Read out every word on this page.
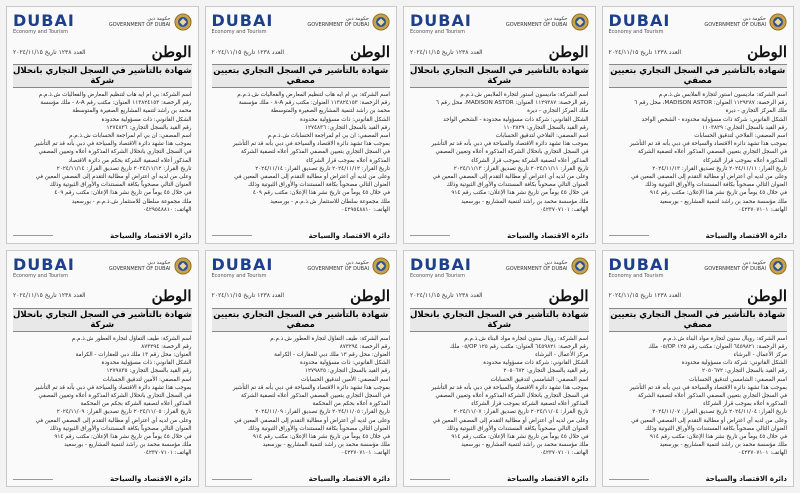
DUBAI
Economy and Tourism
حكومة دبي
GOVERNMENT OF DUBAI
العدد ١٢٣٨ تاريخ ٢٠٢٤/١١/١٥	الوطن
شهادة بالتأشير في السجل التجاري بانحلال شركة

اسم الشركة: بي ام ايه هاب لتنظيم المعارض والفعاليات ش.ذ.م.م

رقم الرخصة: ١١٣٨٢٤١٥٣ العنوان: مكتب رقم A-٨ - ملك مؤسسة

محمد بن راشد لتنمية المشاريع الصغيرة والمتوسطة

الشكل القانوني: ذات مسؤولية محدودة

رقم القيد بالسجل التجاري: ١٢٧٤٨٣٦

اسم المصفي: ان بي ام لمراجعة الحسابات ش.ذ.م.م

بموجب هذا تشهد دائرة الاقتصاد والسياحة في دبي بأنه قد تم التأشير

في السجل التجاري بانحلال الشركة المذكورة أعلاه وتعيين المصفي

المذكور أعلاه لتصفية الشركة بحكم من دائرة الاقتصاد

تاريخ القرار: ٢٠٢٤/١١/١٢ تاريخ تصديق القرار: ٢٠٢٤/١١/١٤

وعلى من لديه أي اعتراض أو مطالبة التقدم إلى المصفي المعين في

العنوان التالي مصحوباً بكافة المستندات والأوراق الثبوتية وذلك

في خلال ٤٥ يوماً من تاريخ نشر هذا الإعلان: مكتب رقم ٤٠٩

ملك مجموعة سلطان للاستثمار ش.ذ.م.م - بورسعيد

الهاتف: ٠٤٢٩٥٤٨٨١٠

دائرة الاقتصاد والسياحة
DUBAI
Economy and Tourism
حكومة دبي
GOVERNMENT OF DUBAI
العدد ١٢٣٨ تاريخ ٢٠٢٤/١١/١٥	الوطن
شهادة بالتأشير في السجل التجاري بتعيين مصفي

اسم الشركة: بي ام ايه هاب لتنظيم المعارض والفعاليات ش.ذ.م.م

رقم الرخصة: ١١٣٨٢٤١٥٣ العنوان: مكتب رقم A-٨ - ملك مؤسسة

محمد بن راشد لتنمية المشاريع الصغيرة والمتوسطة

الشكل القانوني: ذات مسؤولية محدودة

رقم القيد بالسجل التجاري: ١٢٧٤٨٣٦

اسم المصفي: ان بي ام لمراجعة الحسابات ش.ذ.م.م

بموجب هذا تشهد دائرة الاقتصاد والسياحة في دبي بأنه قد تم التأشير

في السجل التجاري بتعيين المصفي المذكور أعلاه لتصفية الشركة

المذكورة أعلاه بموجب قرار الشركاء

تاريخ القرار: ٢٠٢٤/١١/١٢ تاريخ تصديق القرار: ٢٠٢٤/١١/١٤

وعلى من لديه أي اعتراض أو مطالبة التقدم إلى المصفي المعين في

العنوان التالي مصحوباً بكافة المستندات والأوراق الثبوتية وذلك

في خلال ٤٥ يوماً من تاريخ نشر هذا الإعلان: مكتب رقم ٤٠٩

ملك مجموعة سلطان للاستثمار ش.ذ.م.م - بورسعيد

الهاتف: ٠٤٢٩٥٤٨٨١٠

دائرة الاقتصاد والسياحة
DUBAI
Economy and Tourism
حكومة دبي
GOVERNMENT OF DUBAI
العدد ١٢٣٨ تاريخ ٢٠٢٤/١١/١٥	الوطن
شهادة بالتأشير في السجل التجاري بانحلال شركة

اسم الشركة: ماديسون استور لتجارة الملابس ش.ذ.م.م

رقم الرخصة: ١١٢٩٣٨٧ العنوان: MADISON ASTOR، محل رقم ٦

ملك المركز التجاري - ديرة

الشكل القانوني: شركة ذات مسؤولية محدودة - الشخص الواحد

رقم القيد بالسجل التجاري: ١١٠٣٨٢٩

اسم المصفي: الفلاحي لتدقيق الحسابات

بموجب هذا تشهد دائرة الاقتصاد والسياحة في دبي بأنه قد تم التأشير

في السجل التجاري بانحلال الشركة المذكورة أعلاه وتعيين المصفي

المذكور أعلاه لتصفية الشركة بموجب قرار الشركاء

تاريخ القرار: ٢٠٢٤/١١/١١ تاريخ تصديق القرار: ٢٠٢٤/١١/١٣

وعلى من لديه أي اعتراض أو مطالبة التقدم إلى المصفي المعين في

العنوان التالي مصحوباً بكافة المستندات والأوراق الثبوتية وذلك

في خلال ٤٥ يوماً من تاريخ نشر هذا الإعلان: مكتب رقم ٩١٤

ملك مؤسسة محمد بن راشد لتنمية المشاريع - بورسعيد

الهاتف: ٠٤٢٣٧٠٧١٠١

دائرة الاقتصاد والسياحة
DUBAI
Economy and Tourism
حكومة دبي
GOVERNMENT OF DUBAI
العدد ١٢٣٨ تاريخ ٢٠٢٤/١١/١٥	الوطن
شهادة بالتأشير في السجل التجاري بتعيين مصفي

اسم الشركة: ماديسون استور لتجارة الملابس ش.ذ.م.م

رقم الرخصة: ١١٢٩٣٨٧ العنوان: MADISON ASTOR، محل رقم ٦

ملك المركز التجاري - ديرة

الشكل القانوني: شركة ذات مسؤولية محدودة - الشخص الواحد

رقم القيد بالسجل التجاري: ١١٠٣٨٢٩

اسم المصفي: الفلاحي لتدقيق الحسابات

بموجب هذا تشهد دائرة الاقتصاد والسياحة في دبي بأنه قد تم التأشير

في السجل التجاري بتعيين المصفي المذكور أعلاه لتصفية الشركة

المذكورة أعلاه بموجب قرار الشركاء

تاريخ القرار: ٢٠٢٤/١١/١١ تاريخ تصديق القرار: ٢٠٢٤/١١/١٣

وعلى من لديه أي اعتراض أو مطالبة التقدم إلى المصفي المعين في

العنوان التالي مصحوباً بكافة المستندات والأوراق الثبوتية وذلك

في خلال ٤٥ يوماً من تاريخ نشر هذا الإعلان: مكتب رقم ٩١٤

ملك مؤسسة محمد بن راشد لتنمية المشاريع - بورسعيد

الهاتف: ٠٤٢٣٧٠٧١٠١

دائرة الاقتصاد والسياحة
DUBAI
Economy and Tourism
حكومة دبي
GOVERNMENT OF DUBAI
العدد ١٢٣٨ تاريخ ٢٠٢٤/١١/١٥	الوطن
شهادة بالتأشير في السجل التجاري بانحلال شركة

اسم الشركة: طيف التفاؤل لتجارة العطور ش.ذ.م.م

رقم الرخصة: ٨٧٣٢٩٤

العنوان: محل رقم ١٣ ملك دبي للعقارات - الكرامة

الشكل القانوني: ذات مسؤولية محدودة

رقم القيد بالسجل التجاري: ١٢٧٩٨٣٥

اسم المصفي: الأمين لتدقيق الحسابات

بموجب هذا تشهد دائرة الاقتصاد والسياحة في دبي بأنه قد تم التأشير

في السجل التجاري بانحلال الشركة المذكورة أعلاه وتعيين المصفي

المذكور أعلاه لتصفية الشركة بحكم من المحكمة

تاريخ القرار: ٢٠٢٤/١١/٠٥ تاريخ تصديق القرار: ٢٠٢٤/١١/٠٩

وعلى من لديه أي اعتراض أو مطالبة التقدم إلى المصفي المعين في

العنوان التالي مصحوباً بكافة المستندات والأوراق الثبوتية وذلك

في خلال ٤٥ يوماً من تاريخ نشر هذا الإعلان: مكتب رقم ٩١٤

ملك مؤسسة محمد بن راشد لتنمية المشاريع - بورسعيد

الهاتف: ٠٤٢٣٧٠٧١٠١

دائرة الاقتصاد والسياحة
DUBAI
Economy and Tourism
حكومة دبي
GOVERNMENT OF DUBAI
العدد ١٢٣٨ تاريخ ٢٠٢٤/١١/١٥	الوطن
شهادة بالتأشير في السجل التجاري بتعيين مصفي

اسم الشركة: طيف التفاؤل لتجارة العطور ش.ذ.م.م

رقم الرخصة: ٨٧٣٢٩٤

العنوان: محل رقم ١٣ ملك دبي للعقارات - الكرامة

الشكل القانوني: ذات مسؤولية محدودة

رقم القيد بالسجل التجاري: ١٢٧٩٨٣٥

اسم المصفي: الأمين لتدقيق الحسابات

بموجب هذا تشهد دائرة الاقتصاد والسياحة في دبي بأنه قد تم التأشير

في السجل التجاري بتعيين المصفي المذكور أعلاه لتصفية الشركة

المذكورة أعلاه بحكم من المحكمة

تاريخ القرار: ٢٠٢٤/١١/٠٥ تاريخ تصديق القرار: ٢٠٢٤/١١/٠٩

وعلى من لديه أي اعتراض أو مطالبة التقدم إلى المصفي المعين في

العنوان التالي مصحوباً بكافة المستندات والأوراق الثبوتية وذلك

في خلال ٤٥ يوماً من تاريخ نشر هذا الإعلان: مكتب رقم ٩١٤

ملك مؤسسة محمد بن راشد لتنمية المشاريع - بورسعيد

الهاتف: ٠٤٢٣٧٠٧١٠١

دائرة الاقتصاد والسياحة
DUBAI
Economy and Tourism
حكومة دبي
GOVERNMENT OF DUBAI
العدد ١٢٣٨ تاريخ ٢٠٢٤/١١/١٥	الوطن
شهادة بالتأشير في السجل التجاري بانحلال شركة

اسم الشركة: رويال ستون لتجارة مواد البناء ش.ذ.م.م

رقم الرخصة: ٦٤٥٩٨٢١ العنوان: مكتب رقم ١٢٥ OP/٠٥ ملك

مركز الأعمال - البرشاء

الشكل القانوني: شركة ذات مسؤولية محدودة

رقم القيد بالسجل التجاري: ٢٠٥٠٦٧٢

اسم المصفي: الشامسي لتدقيق الحسابات

بموجب هذا تشهد دائرة الاقتصاد والسياحة في دبي بأنه قد تم التأشير

في السجل التجاري بانحلال الشركة المذكورة أعلاه وتعيين المصفي

المذكور أعلاه لتصفية الشركة بموجب قرار الشركاء

تاريخ القرار: ٢٠٢٤/١١/٠٤ تاريخ تصديق القرار: ٢٠٢٤/١١/٠٧

وعلى من لديه أي اعتراض أو مطالبة التقدم إلى المصفي المعين في

العنوان التالي مصحوباً بكافة المستندات والأوراق الثبوتية وذلك

في خلال ٤٥ يوماً من تاريخ نشر هذا الإعلان: مكتب رقم ٩١٤

ملك مؤسسة محمد بن راشد لتنمية المشاريع - بورسعيد

الهاتف: ٠٤٢٣٧٠٧١٠١

دائرة الاقتصاد والسياحة
DUBAI
Economy and Tourism
حكومة دبي
GOVERNMENT OF DUBAI
العدد ١٢٣٨ تاريخ ٢٠٢٤/١١/١٥	الوطن
شهادة بالتأشير في السجل التجاري بتعيين مصفي

اسم الشركة: رويال ستون لتجارة مواد البناء ش.ذ.م.م

رقم الرخصة: ٦٤٥٩٨٢١ العنوان: مكتب رقم ١٢٥ OP/٠٥ ملك

مركز الأعمال - البرشاء

الشكل القانوني: شركة ذات مسؤولية محدودة

رقم القيد بالسجل التجاري: ٢٠٥٠٦٧٢

اسم المصفي: الشامسي لتدقيق الحسابات

بموجب هذا تشهد دائرة الاقتصاد والسياحة في دبي بأنه قد تم التأشير

في السجل التجاري بتعيين المصفي المذكور أعلاه لتصفية الشركة

المذكورة أعلاه بموجب قرار الشركاء

تاريخ القرار: ٢٠٢٤/١١/٠٤ تاريخ تصديق القرار: ٢٠٢٤/١١/٠٧

وعلى من لديه أي اعتراض أو مطالبة التقدم إلى المصفي المعين في

العنوان التالي مصحوباً بكافة المستندات والأوراق الثبوتية وذلك

في خلال ٤٥ يوماً من تاريخ نشر هذا الإعلان: مكتب رقم ٩١٤

ملك مؤسسة محمد بن راشد لتنمية المشاريع - بورسعيد

الهاتف: ٠٤٢٣٧٠٧١٠١

دائرة الاقتصاد والسياحة
